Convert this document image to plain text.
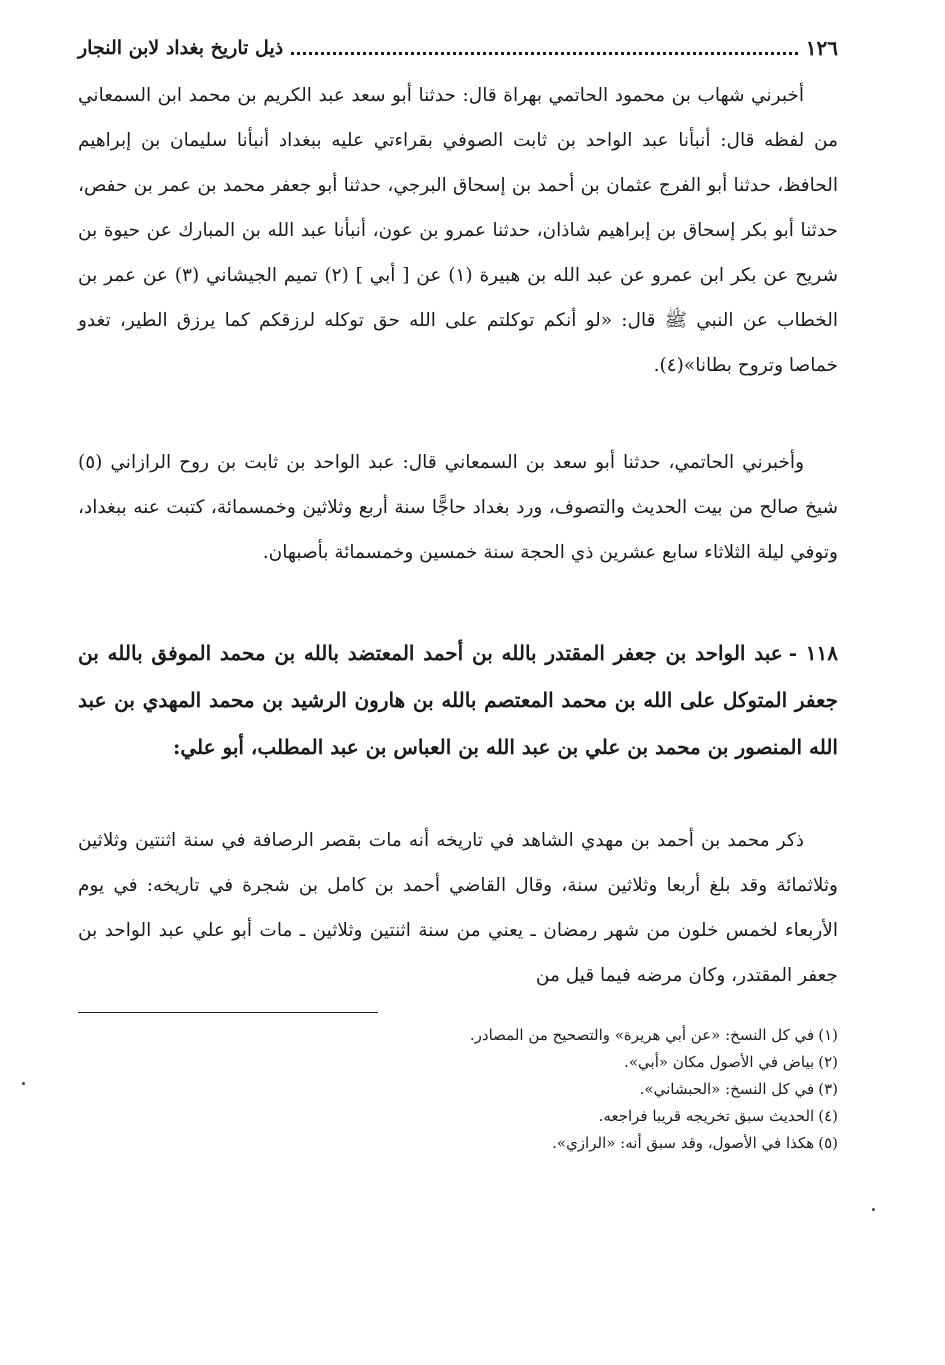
١٢٦
ذيل تاريخ بغداد لابن النجار

أخبرني شهاب بن محمود الحاتمي بهراة قال: حدثنا أبو سعد عبد الكريم بن محمد ابن السمعاني من لفظه قال: أنبأنا عبد الواحد بن ثابت الصوفي بقراءتي عليه ببغداد أنبأنا سليمان بن إبراهيم الحافظ، حدثنا أبو الفرج عثمان بن أحمد بن إسحاق البرجي، حدثنا أبو جعفر محمد بن عمر بن حفص، حدثنا أبو بكر إسحاق بن إبراهيم شاذان، حدثنا عمرو بن عون، أنبأنا عبد الله بن المبارك عن حيوة بن شريح عن بكر ابن عمرو عن عبد الله بن هبيرة (١) عن [ أبي ] (٢) تميم الجيشاني (٣) عن عمر بن الخطاب عن النبي ﷺ قال: «لو أنكم توكلتم على الله حق توكله لرزقكم كما يرزق الطير، تغدو خماصا وتروح بطانا»(٤).

وأخبرني الحاتمي، حدثنا أبو سعد بن السمعاني قال: عبد الواحد بن ثابت بن روح الرازاني (٥) شيخ صالح من بيت الحديث والتصوف، ورد بغداد حاجًّا سنة أربع وثلاثين وخمسمائة، كتبت عنه ببغداد، وتوفي ليلة الثلاثاء سابع عشرين ذي الحجة سنة خمسين وخمسمائة بأصبهان.

١١٨ -عبد الواحد بن جعفر المقتدر بالله بن أحمد المعتضد بالله بن محمد الموفق بالله بن جعفر المتوكل على الله بن محمد المعتصم بالله بن هارون الرشيد بن محمد المهدي بن عبد الله المنصور بن محمد بن علي بن عبد الله بن العباس بن عبد المطلب، أبو علي:

ذكر محمد بن أحمد بن مهدي الشاهد في تاريخه أنه مات بقصر الرصافة في سنة اثنتين وثلاثين وثلاثمائة وقد بلغ أربعا وثلاثين سنة، وقال القاضي أحمد بن كامل بن شجرة في تاريخه: في يوم الأربعاء لخمس خلون من شهر رمضان ـ يعني من سنة اثنتين وثلاثين ـ مات أبو علي عبد الواحد بن جعفر المقتدر، وكان مرضه فيما قيل من

(١)في كل النسخ: «عن أبي هريرة» والتصحيح من المصادر.
(٢)بياض في الأصول مكان «أبي».
(٣)في كل النسخ: «الحبشاني».
(٤)الحديث سبق تخريجه قريبا فراجعه.
(٥)هكذا في الأصول، وقد سبق أنه: «الرازي».
